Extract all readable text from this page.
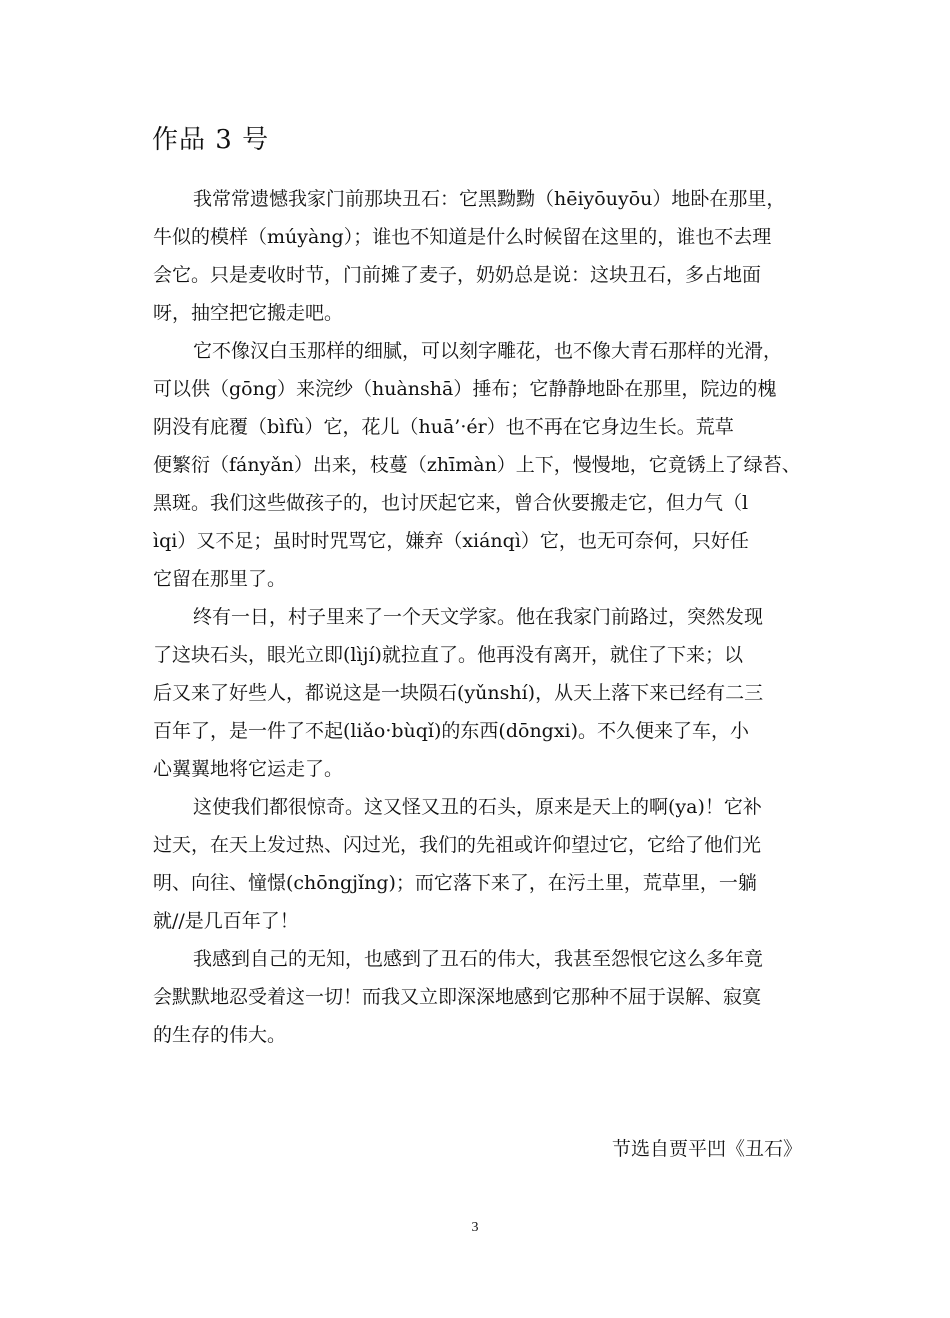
作品 3 号
我常常遗憾我家门前那块丑石：它黑黝黝（hēiyōuyōu）地卧在那里，
牛似的模样（múyàng）；谁也不知道是什么时候留在这里的，谁也不去理
会它。只是麦收时节，门前摊了麦子，奶奶总是说：这块丑石，多占地面
呀，抽空把它搬走吧。
它不像汉白玉那样的细腻，可以刻字雕花，也不像大青石那样的光滑，
可以供（gōng）来浣纱（huànshā）捶布；它静静地卧在那里，院边的槐
阴没有庇覆（bìfù）它，花儿（huā’·ér）也不再在它身边生长。荒草
便繁衍（fányǎn）出来，枝蔓（zhīmàn）上下，慢慢地，它竟锈上了绿苔、
黑斑。我们这些做孩子的，也讨厌起它来，曾合伙要搬走它，但力气（l
ìqi）又不足；虽时时咒骂它，嫌弃（xiánqì）它，也无可奈何，只好任
它留在那里了。
终有一日，村子里来了一个天文学家。他在我家门前路过，突然发现
了这块石头，眼光立即(lìjí)就拉直了。他再没有离开，就住了下来；以
后又来了好些人，都说这是一块陨石(yǔnshí)，从天上落下来已经有二三
百年了，是一件了不起(liǎo·bùqǐ)的东西(dōngxi)。不久便来了车，小
心翼翼地将它运走了。
这使我们都很惊奇。这又怪又丑的石头，原来是天上的啊(ya)！它补
过天，在天上发过热、闪过光，我们的先祖或许仰望过它，它给了他们光
明、向往、憧憬(chōngjǐng)；而它落下来了，在污土里，荒草里，一躺
就//是几百年了！
我感到自己的无知，也感到了丑石的伟大，我甚至怨恨它这么多年竟
会默默地忍受着这一切！而我又立即深深地感到它那种不屈于误解、寂寞
的生存的伟大。
节选自贾平凹《丑石》
3
